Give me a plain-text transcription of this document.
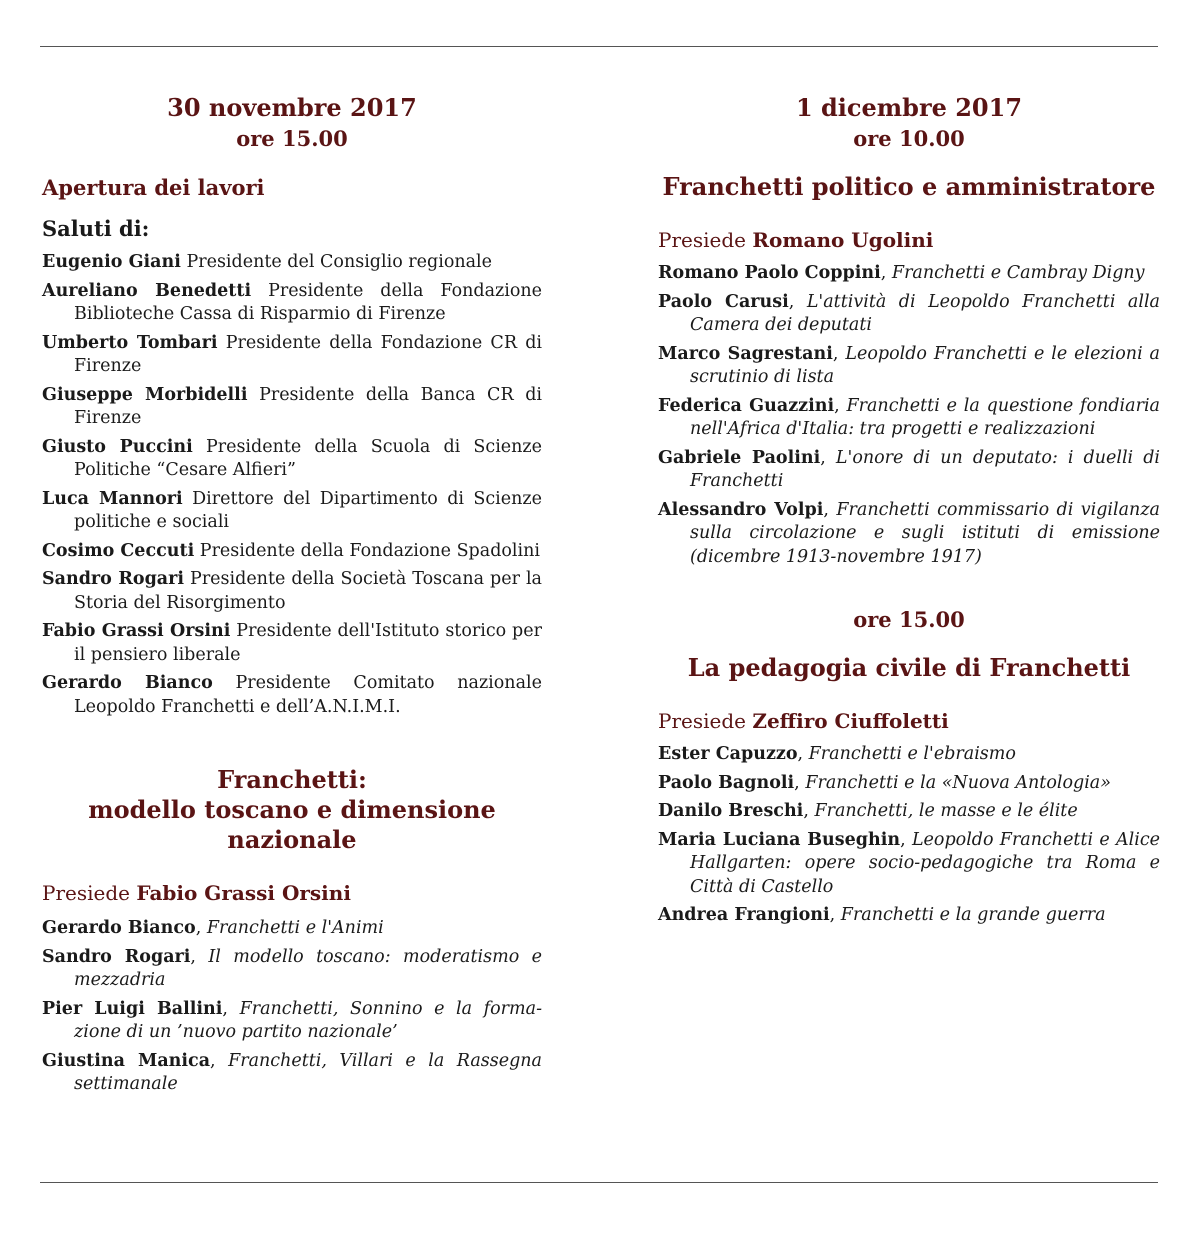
30 novembre 2017
ore 15.00
Apertura dei lavori
Saluti di:

Eugenio Giani Presidente del Consiglio regionale

Aureliano Benedetti Presidente della Fondazione Biblioteche Cassa di Risparmio di Firenze

Umberto Tombari Presidente della Fondazione CR di Firenze

Giuseppe Morbidelli Presidente della Banca CR di Firenze

Giusto Puccini Presidente della Scuola di Scienze Politiche “Cesare Alfieri”

Luca Mannori Direttore del Dipartimento di Scienze politiche e sociali

Cosimo Ceccuti Presidente della Fondazione Spadolini

Sandro Rogari Presidente della Società Toscana per la Storia del Risorgimento

Fabio Grassi Orsini Presidente dell'Istituto storico per il pensiero liberale

Gerardo Bianco Presidente Comitato nazionale Leopoldo Franchetti e dell’A.N.I.M.I.

Franchetti:
modello toscano e dimensione nazionale
Presiede Fabio Grassi Orsini

Gerardo Bianco, Franchetti e l'Animi

Sandro Rogari, Il modello toscano: moderatismo e mezzadria

Pier Luigi Ballini, Franchetti, Sonnino e la forma-zione di un ’nuovo partito nazionale’

Giustina Manica, Franchetti, Villari e la Rassegna settimanale

1 dicembre 2017
ore 10.00
Franchetti politico e amministratore
Presiede Romano Ugolini

Romano Paolo Coppini, Franchetti e Cambray Digny

Paolo Carusi, L'attività di Leopoldo Franchetti alla Camera dei deputati

Marco Sagrestani, Leopoldo Franchetti e le elezioni a scrutinio di lista

Federica Guazzini, Franchetti e la questione fondiaria nell'Africa d'Italia: tra progetti e realizzazioni

Gabriele Paolini, L'onore di un deputato: i duelli di Franchetti

Alessandro Volpi, Franchetti commissario di vigilanza sulla circolazione e sugli istituti di emissione (dicembre 1913-novembre 1917)

ore 15.00
La pedagogia civile di Franchetti
Presiede Zeffiro Ciuffoletti

Ester Capuzzo, Franchetti e l'ebraismo

Paolo Bagnoli, Franchetti e la «Nuova Antologia»

Danilo Breschi, Franchetti, le masse e le élite

Maria Luciana Buseghin, Leopoldo Franchetti e Alice Hallgarten: opere socio-pedagogiche tra Roma e Città di Castello

Andrea Frangioni, Franchetti e la grande guerra
